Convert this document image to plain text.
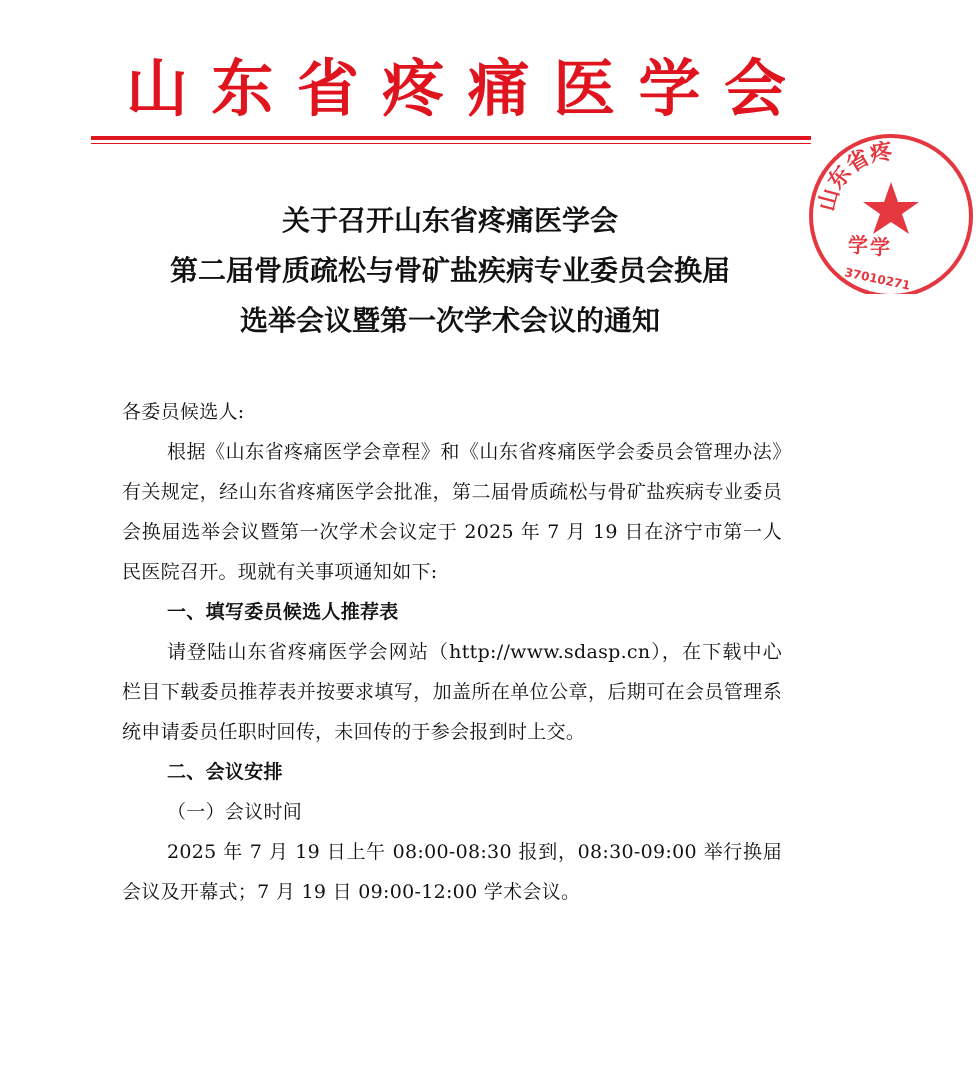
山 东 省 疼 痛 医 学 会
山东省疼
学 学
37010271
关于召开山东省疼痛医学会
第二届骨质疏松与骨矿盐疾病专业委员会换届
选举会议暨第一次学术会议的通知

各委员候选人:

根据《山东省疼痛医学会章程》和《山东省疼痛医学会委员会管理办法》有关规定，经山东省疼痛医学会批准，第二届骨质疏松与骨矿盐疾病专业委员会换届选举会议暨第一次学术会议定于 2025 年 7 月 19 日在济宁市第一人民医院召开。现就有关事项通知如下:

一、填写委员候选人推荐表

请登陆山东省疼痛医学会网站（http://www.sdasp.cn），在下载中心栏目下载委员推荐表并按要求填写，加盖所在单位公章，后期可在会员管理系统申请委员任职时回传，未回传的于参会报到时上交。

二、会议安排

（一）会议时间

2025 年 7 月 19 日上午 08:00-08:30 报到，08:30-09:00 举行换届会议及开幕式；7 月 19 日 09:00-12:00 学术会议。
